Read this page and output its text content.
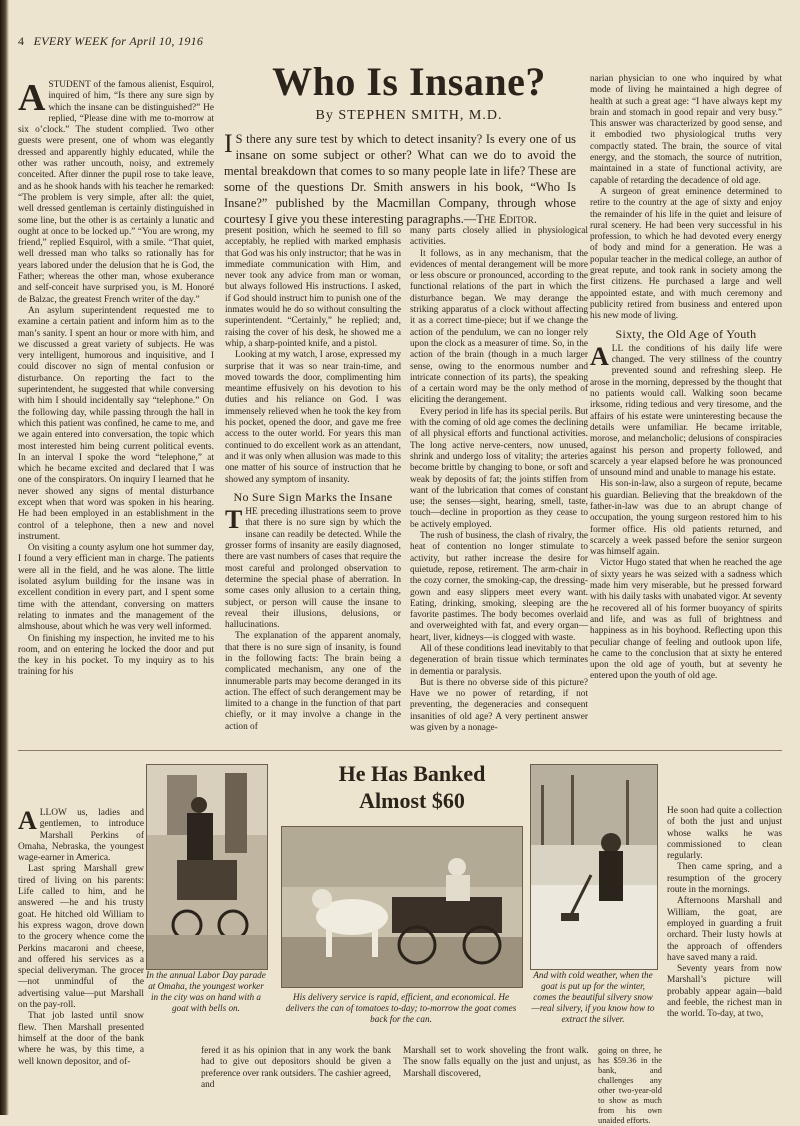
4 EVERY WEEK for April 10, 1916
Who Is Insane?
By STEPHEN SMITH, M.D.
I S there any sure test by which to detect insanity? Is every one of us insane on some subject or other? What can we do to avoid the mental breakdown that comes to so many people late in life? These are some of the questions Dr. Smith answers in his book, “Who Is Insane?” published by the Macmillan Company, through whose courtesy I give you these interesting paragraphs.—The Editor.

ASTUDENT of the famous alienist, Esquirol, inquired of him, “Is there any sure sign by which the insane can be distinguished?” He replied, “Please dine with me to-morrow at six o’clock.” The student complied. Two other guests were present, one of whom was elegantly dressed and apparently highly educated, while the other was rather uncouth, noisy, and extremely conceited. After dinner the pupil rose to take leave, and as he shook hands with his teacher he remarked: “The problem is very simple, after all: the quiet, well dressed gentleman is certainly distinguished in some line, but the other is as certainly a lunatic and ought at once to be locked up.” “You are wrong, my friend,” replied Esquirol, with a smile. “That quiet, well dressed man who talks so rationally has for years labored under the delusion that he is God, the Father; whereas the other man, whose exuberance and self-conceit have surprised you, is M. Honoré de Balzac, the greatest French writer of the day.”

An asylum superintendent requested me to examine a certain patient and inform him as to the man’s sanity. I spent an hour or more with him, and we discussed a great variety of subjects. He was very intelligent, humorous and inquisitive, and I could discover no sign of mental confusion or disturbance. On reporting the fact to the superintendent, he suggested that while conversing with him I should incidentally say “telephone.” On the following day, while passing through the hall in which this patient was confined, he came to me, and we again entered into conversation, the topic which most interested him being current political events. In an interval I spoke the word “telephone,” at which he became excited and declared that I was one of the conspirators. On inquiry I learned that he never showed any signs of mental disturbance except when that word was spoken in his hearing. He had been employed in an establishment in the control of a telephone, then a new and novel instrument.

On visiting a county asylum one hot summer day, I found a very efficient man in charge. The patients were all in the field, and he was alone. The little isolated asylum building for the insane was in excellent condition in every part, and I spent some time with the attendant, conversing on matters relating to inmates and the management of the almshouse, about which he was very well informed.

On finishing my inspection, he invited me to his room, and on entering he locked the door and put the key in his pocket. To my inquiry as to his training for his

present position, which he seemed to fill so acceptably, he replied with marked emphasis that God was his only instructor; that he was in immediate communication with Him, and never took any advice from man or woman, but always followed His instructions. I asked, if God should instruct him to punish one of the inmates would he do so without consulting the superintendent. “Certainly,” he replied; and, raising the cover of his desk, he showed me a whip, a sharp-pointed knife, and a pistol.

Looking at my watch, I arose, expressed my surprise that it was so near train-time, and moved towards the door, complimenting him meantime effusively on his devotion to his duties and his reliance on God. I was immensely relieved when he took the key from his pocket, opened the door, and gave me free access to the outer world. For years this man continued to do excellent work as an attendant, and it was only when allusion was made to this one matter of his source of instruction that he showed any symptom of insanity.

No Sure Sign Marks the Insane

THE preceding illustrations seem to prove that there is no sure sign by which the insane can readily be detected. While the grosser forms of insanity are easily diagnosed, there are vast numbers of cases that require the most careful and prolonged observation to determine the special phase of aberration. In some cases only allusion to a certain thing, subject, or person will cause the insane to reveal their illusions, delusions, or hallucinations.

The explanation of the apparent anomaly, that there is no sure sign of insanity, is found in the following facts: The brain being a complicated mechanism, any one of the innumerable parts may become deranged in its action. The effect of such derangement may be limited to a change in the function of that part chiefly, or it may involve a change in the action of

many parts closely allied in physiological activities.

It follows, as in any mechanism, that the evidences of mental derangement will be more or less obscure or pronounced, according to the functional relations of the part in which the disturbance began. We may derange the striking apparatus of a clock without affecting it as a correct time-piece; but if we change the action of the pendulum, we can no longer rely upon the clock as a measurer of time. So, in the action of the brain (though in a much larger sense, owing to the enormous number and intricate connection of its parts), the speaking of a certain word may be the only method of eliciting the derangement.

Every period in life has its special perils. But with the coming of old age comes the declining of all physical efforts and functional activities. The long active nerve-centers, now unused, shrink and undergo loss of vitality; the arteries become brittle by changing to bone, or soft and weak by deposits of fat; the joints stiffen from want of the lubrication that comes of constant use; the senses—sight, hearing, smell, taste, touch—decline in proportion as they cease to be actively employed.

The rush of business, the clash of rivalry, the heat of contention no longer stimulate to activity, but rather increase the desire for quietude, repose, retirement. The arm-chair in the cozy corner, the smoking-cap, the dressing-gown and easy slippers meet every want. Eating, drinking, smoking, sleeping are the favorite pastimes. The body becomes overlaid and overweighted with fat, and every organ—heart, liver, kidneys—is clogged with waste.

All of these conditions lead inevitably to that degeneration of brain tissue which terminates in dementia or paralysis.

But is there no obverse side of this picture? Have we no power of retarding, if not preventing, the degeneracies and consequent insanities of old age? A very pertinent answer was given by a nonage-

narian physician to one who inquired by what mode of living he maintained a high degree of health at such a great age: “I have always kept my brain and stomach in good repair and very busy.” This answer was characterized by good sense, and it embodied two physiological truths very compactly stated. The brain, the source of vital energy, and the stomach, the source of nutrition, maintained in a state of functional activity, are capable of retarding the decadence of old age.

A surgeon of great eminence determined to retire to the country at the age of sixty and enjoy the remainder of his life in the quiet and leisure of rural scenery. He had been very successful in his profession, to which he had devoted every energy of body and mind for a generation. He was a popular teacher in the medical college, an author of great repute, and took rank in society among the first citizens. He purchased a large and well appointed estate, and with much ceremony and publicity retired from business and entered upon his new mode of living.

Sixty, the Old Age of Youth

ALL the conditions of his daily life were changed. The very stillness of the country prevented sound and refreshing sleep. He arose in the morning, depressed by the thought that no patients would call. Walking soon became irksome, riding tedious and very tiresome, and the affairs of his estate were uninteresting because the details were unfamiliar. He became irritable, morose, and melancholic; delusions of conspiracies against his person and property followed, and scarcely a year elapsed before he was pronounced of unsound mind and unable to manage his estate.

His son-in-law, also a surgeon of repute, became his guardian. Believing that the breakdown of the father-in-law was due to an abrupt change of occupation, the young surgeon restored him to his former office. His old patients returned, and scarcely a week passed before the senior surgeon was himself again.

Victor Hugo stated that when he reached the age of sixty years he was seized with a sadness which made him very miserable, but he pressed forward with his daily tasks with unabated vigor. At seventy he recovered all of his former buoyancy of spirits and life, and was as full of brightness and happiness as in his boyhood. Reflecting upon this peculiar change of feeling and outlook upon life, he came to the conclusion that at sixty he entered upon the old age of youth, but at seventy he entered upon the youth of old age.

He Has Banked
Almost $60

ALLOW us, ladies and gentlemen, to introduce Marshall Perkins of Omaha, Nebraska, the youngest wage-earner in America.

Last spring Marshall grew tired of living on his parents: Life called to him, and he answered —he and his trusty goat. He hitched old William to his express wagon, drove down to the grocery whence come the Perkins macaroni and cheese, and offered his services as a special deliveryman. The grocer—not unmindful of the advertising value—put Marshall on the pay-roll.

That job lasted until snow flew. Then Marshall presented himself at the door of the bank where he was, by this time, a well known depositor, and of-

In the annual Labor Day parade at Omaha, the youngest worker in the city was on hand with a goat with bells on.
His delivery service is rapid, efficient, and economical. He delivers the can of tomatoes to-day; to-morrow the goat comes back for the can.
And with cold weather, when the goat is put up for the winter, comes the beautiful silvery snow—real silvery, if you know how to extract the silver.

He soon had quite a collection of both the just and unjust whose walks he was commissioned to clean regularly.

Then came spring, and a resumption of the grocery route in the mornings.

Afternoons Marshall and William, the goat, are employed in guarding a fruit orchard. Their lusty howls at the approach of offenders have saved many a raid.

Seventy years from now Marshall’s picture will probably appear again—bald and feeble, the richest man in the world. To-day, at two,

fered it as his opinion that in any work the bank had to give out depositors should be given a preference over rank outsiders. The cashier agreed, and

Marshall set to work shoveling the front walk.  The snow falls equally on the just and unjust, as Marshall discovered,

going on three, he has $59.36 in the bank, and challenges any other two-year-old to show as much from his own unaided efforts.
